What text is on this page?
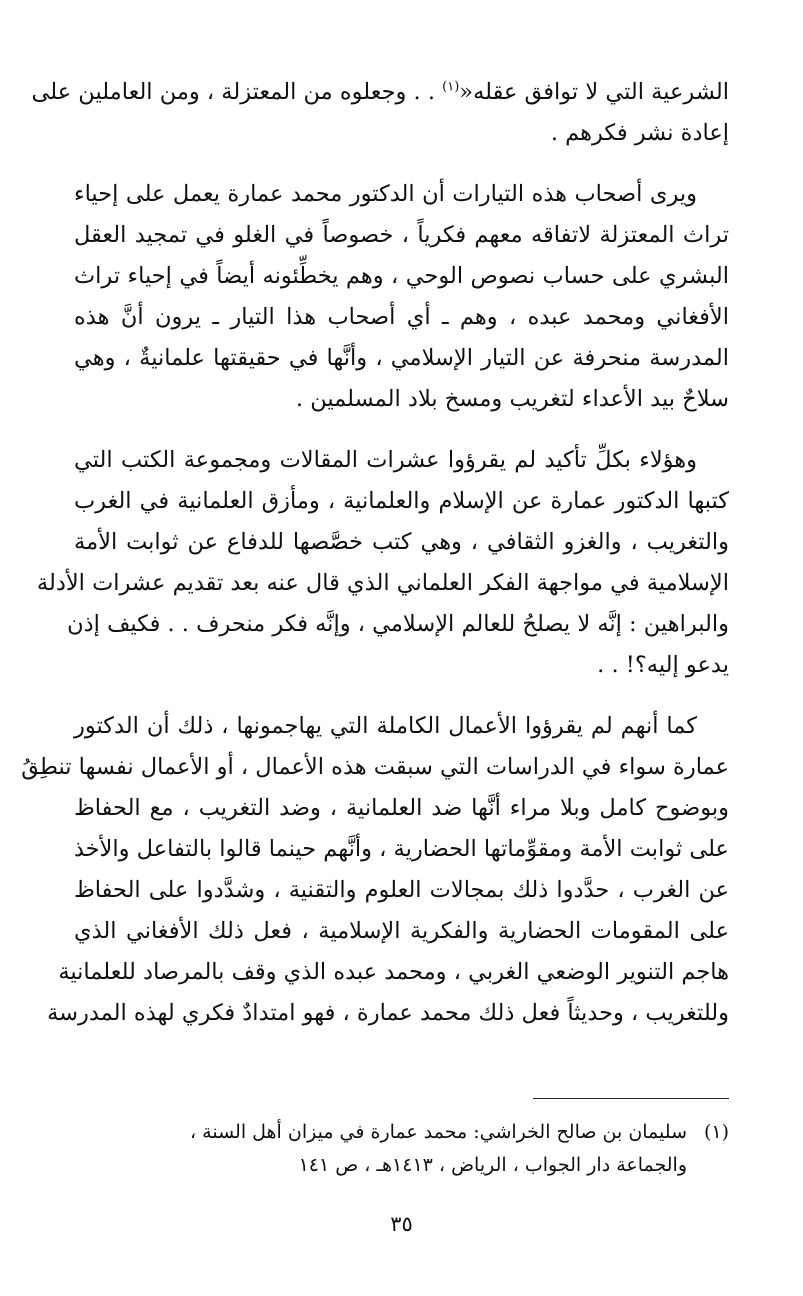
الشرعية التي لا توافق عقله«$^{(١)}$ . . وجعلوه من المعتزلة ، ومن العاملين على
إعادة نشر فكرهم .
ويرى أصحاب هذه التيارات أن الدكتور محمد عمارة يعمل على إحياء
تراث المعتزلة لاتفاقه معهم فكرياً ، خصوصاً في الغلو في تمجيد العقل
البشري على حساب نصوص الوحي ، وهم يخطِّئونه أيضاً في إحياء تراث
الأفغاني ومحمد عبده ، وهم ـ أي أصحاب هذا التيار ـ يرون أنَّ هذه
المدرسة منحرفة عن التيار الإسلامي ، وأنَّها في حقيقتها علمانيةٌ ، وهي
سلاحٌ بيد الأعداء لتغريب ومسخ بلاد المسلمين .
وهؤلاء بكلِّ تأكيد لم يقرؤوا عشرات المقالات ومجموعة الكتب التي
كتبها الدكتور عمارة عن الإسلام والعلمانية ، ومأزق العلمانية في الغرب
والتغريب ، والغزو الثقافي ، وهي كتب خصَّصها للدفاع عن ثوابت الأمة
الإسلامية في مواجهة الفكر العلماني الذي قال عنه بعد تقديم عشرات الأدلة
والبراهين : إنَّه لا يصلحُ للعالم الإسلامي ، وإنَّه فكر منحرف . . فكيف إذن
يدعو إليه؟! . .
كما أنهم لم يقرؤوا الأعمال الكاملة التي يهاجمونها ، ذلك أن الدكتور
عمارة سواء في الدراسات التي سبقت هذه الأعمال ، أو الأعمال نفسها تنطِقُ
وبوضوح كامل وبلا مراء أنَّها ضد العلمانية ، وضد التغريب ، مع الحفاظ
على ثوابت الأمة ومقوِّماتها الحضارية ، وأنَّهم حينما قالوا بالتفاعل والأخذ
عن الغرب ، حدَّدوا ذلك بمجالات العلوم والتقنية ، وشدَّدوا على الحفاظ
على المقومات الحضارية والفكرية الإسلامية ، فعل ذلك الأفغاني الذي
هاجم التنوير الوضعي الغربي ، ومحمد عبده الذي وقف بالمرصاد للعلمانية
وللتغريب ، وحديثاً فعل ذلك محمد عمارة ، فهو امتدادٌ فكري لهذه المدرسة
(١)سليمان بن صالح الخراشي: محمد عمارة في ميزان أهل السنة ،
والجماعة دار الجواب ، الرياض ، ١٤١٣هـ ، ص ١٤١
٣٥
